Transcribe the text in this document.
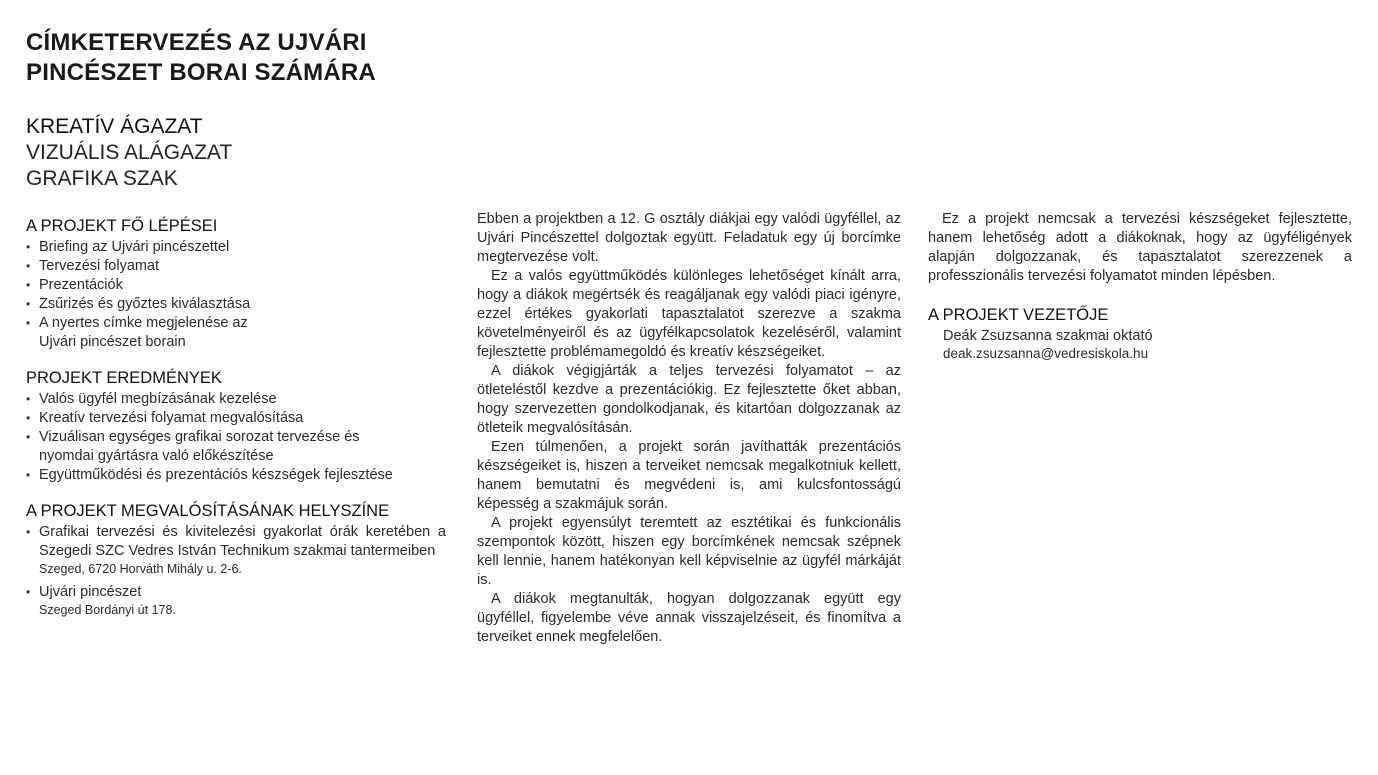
CÍMKETERVEZÉS AZ UJVÁRI
PINCÉSZET BORAI SZÁMÁRA
KREATÍV ÁGAZAT
VIZUÁLIS ALÁGAZAT
GRAFIKA SZAK
A PROJEKT FŐ LÉPÉSEI
• Briefing az Ujvári pincészettel
• Tervezési folyamat
• Prezentációk
• Zsűrizés és győztes kiválasztása
• A nyertes címke megjelenése az Ujvári pincészet borain
PROJEKT EREDMÉNYEK
• Valós ügyfél megbízásának kezelése
• Kreatív tervezési folyamat megvalósítása
• Vizuálisan egységes grafikai sorozat tervezése és nyomdai gyártásra való előkészítése
• Együttműködési és prezentációs készségek fejlesztése
A PROJEKT MEGVALÓSÍTÁSÁNAK HELYSZÍNE
• Grafikai tervezési és kivitelezési gyakorlat órák keretében a Szegedi SZC Vedres István Technikum szakmai tantermeiben
Szeged, 6720 Horváth Mihály u. 2-6.
• Ujvári pincészet
Szeged Bordányi út 178.

Ebben a projektben a 12. G osztály diákjai egy valódi ügyféllel, az Ujvári Pincészettel dolgoztak együtt. Feladatuk egy új borcímke megtervezése volt.

Ez a valós együttműködés különleges lehetőséget kínált arra, hogy a diákok megértsék és reagáljanak egy valódi piaci igényre, ezzel értékes gyakorlati tapasztalatot szerezve a szakma követelményeiről és az ügyfélkapcsolatok kezeléséről, valamint fejlesztette problémamegoldó és kreatív készségeiket.

A diákok végigjárták a teljes tervezési folyamatot – az ötleteléstől kezdve a prezentációkig. Ez fejlesztette őket abban, hogy szervezetten gondolkodjanak, és kitartóan dolgozzanak az ötleteik megvalósításán.

Ezen túlmenően, a projekt során javíthatták prezentációs készségeiket is, hiszen a terveiket nemcsak megalkotniuk kellett, hanem bemutatni és megvédeni is, ami kulcsfontosságú képesség a szakmájuk során.

A projekt egyensúlyt teremtett az esztétikai és funkcionális szempontok között, hiszen egy borcímkének nemcsak szépnek kell lennie, hanem hatékonyan kell képviselnie az ügyfél márkáját is.

A diákok megtanulták, hogyan dolgozzanak együtt egy ügyféllel, figyelembe véve annak visszajelzéseit, és finomítva a terveiket ennek megfelelően.

Ez a projekt nemcsak a tervezési készségeket fejlesztette, hanem lehetőség adott a diákoknak, hogy az ügyféligények alapján dolgozzanak, és tapasztalatot szerezzenek a professzionális tervezési folyamatot minden lépésben.

A PROJEKT VEZETŐJE

Deák Zsuzsanna szakmai oktató

deak.zsuzsanna@vedresiskola.hu
